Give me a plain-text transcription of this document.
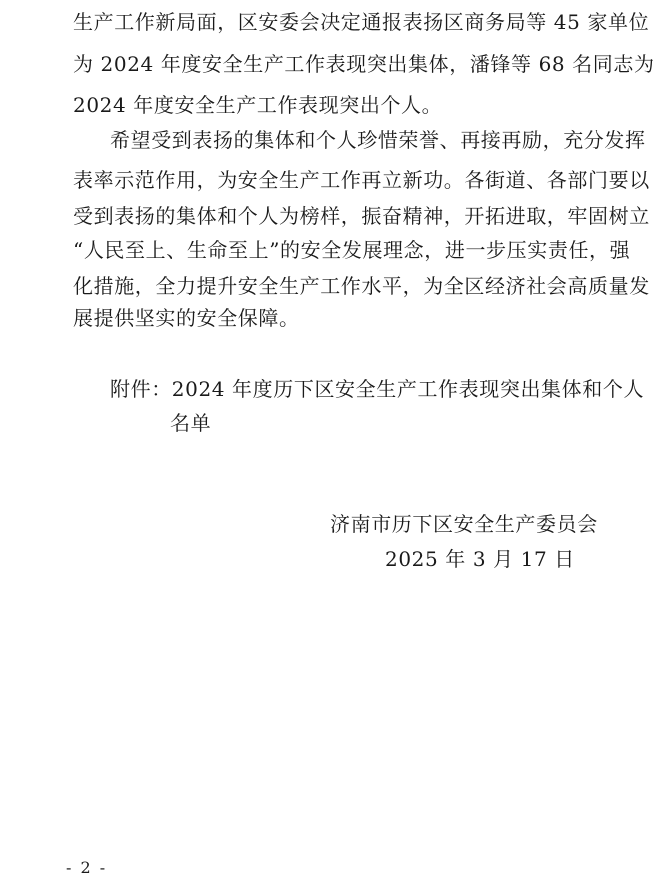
生产工作新局面，区安委会决定通报表扬区商务局等 45 家单位
为 2024 年度安全生产工作表现突出集体，潘锋等 68 名同志为
2024 年度安全生产工作表现突出个人。
希望受到表扬的集体和个人珍惜荣誉、再接再励，充分发挥
表率示范作用，为安全生产工作再立新功。各街道、各部门要以
受到表扬的集体和个人为榜样，振奋精神，开拓进取，牢固树立
“人民至上、生命至上”的安全发展理念，进一步压实责任，强
化措施，全力提升安全生产工作水平，为全区经济社会高质量发
展提供坚实的安全保障。
附件：2024 年度历下区安全生产工作表现突出集体和个人
名单
济南市历下区安全生产委员会
2025 年 3 月 17 日
- 2 -
